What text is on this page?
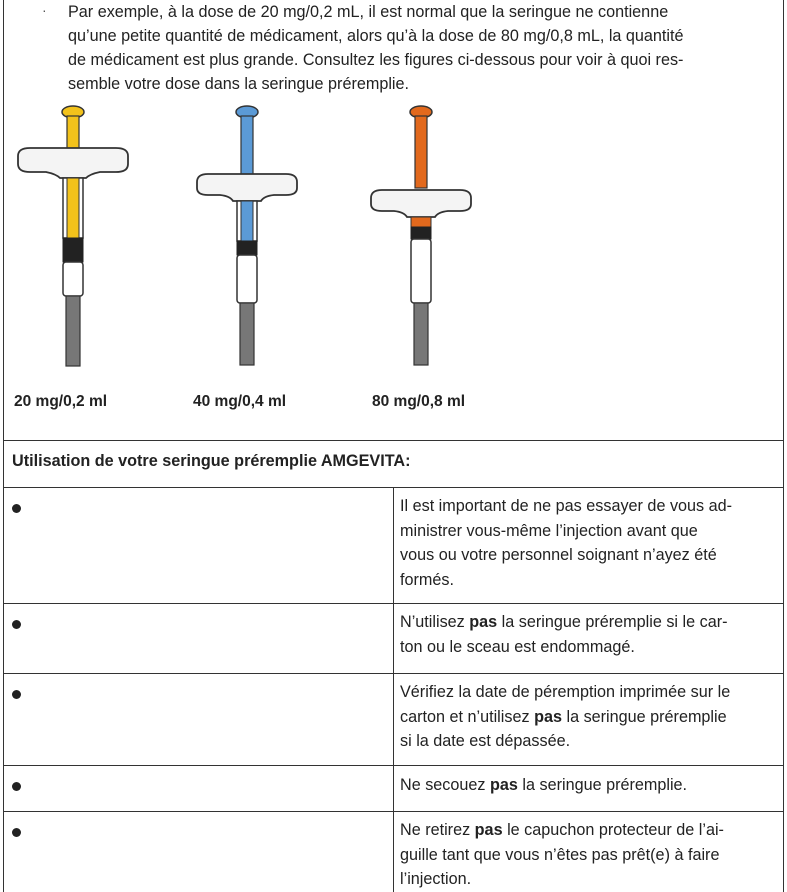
· Par exemple, à la dose de 20 mg/0,2 mL, il est normal que la seringue ne contienne
qu’une petite quantité de médicament, alors qu’à la dose de 80 mg/0,8 mL, la quantité
de médicament est plus grande. Consultez les figures ci-dessous pour voir à quoi res-
semble votre dose dans la seringue préremplie.
20 mg/0,2 ml	40 mg/0,4 ml	80 mg/0,8 ml
Utilisation de votre seringue préremplie AMGEVITA:
Il est important de ne pas essayer de vous ad-
ministrer vous-même l’injection avant que
vous ou votre personnel soignant n’ayez été
formés.
N’utilisez pas la seringue préremplie si le car-
ton ou le sceau est endommagé.
Vérifiez la date de péremption imprimée sur le
carton et n’utilisez pas la seringue préremplie
si la date est dépassée.
Ne secouez pas la seringue préremplie.
Ne retirez pas le capuchon protecteur de l’ai-
guille tant que vous n’êtes pas prêt(e) à faire
l’injection.
